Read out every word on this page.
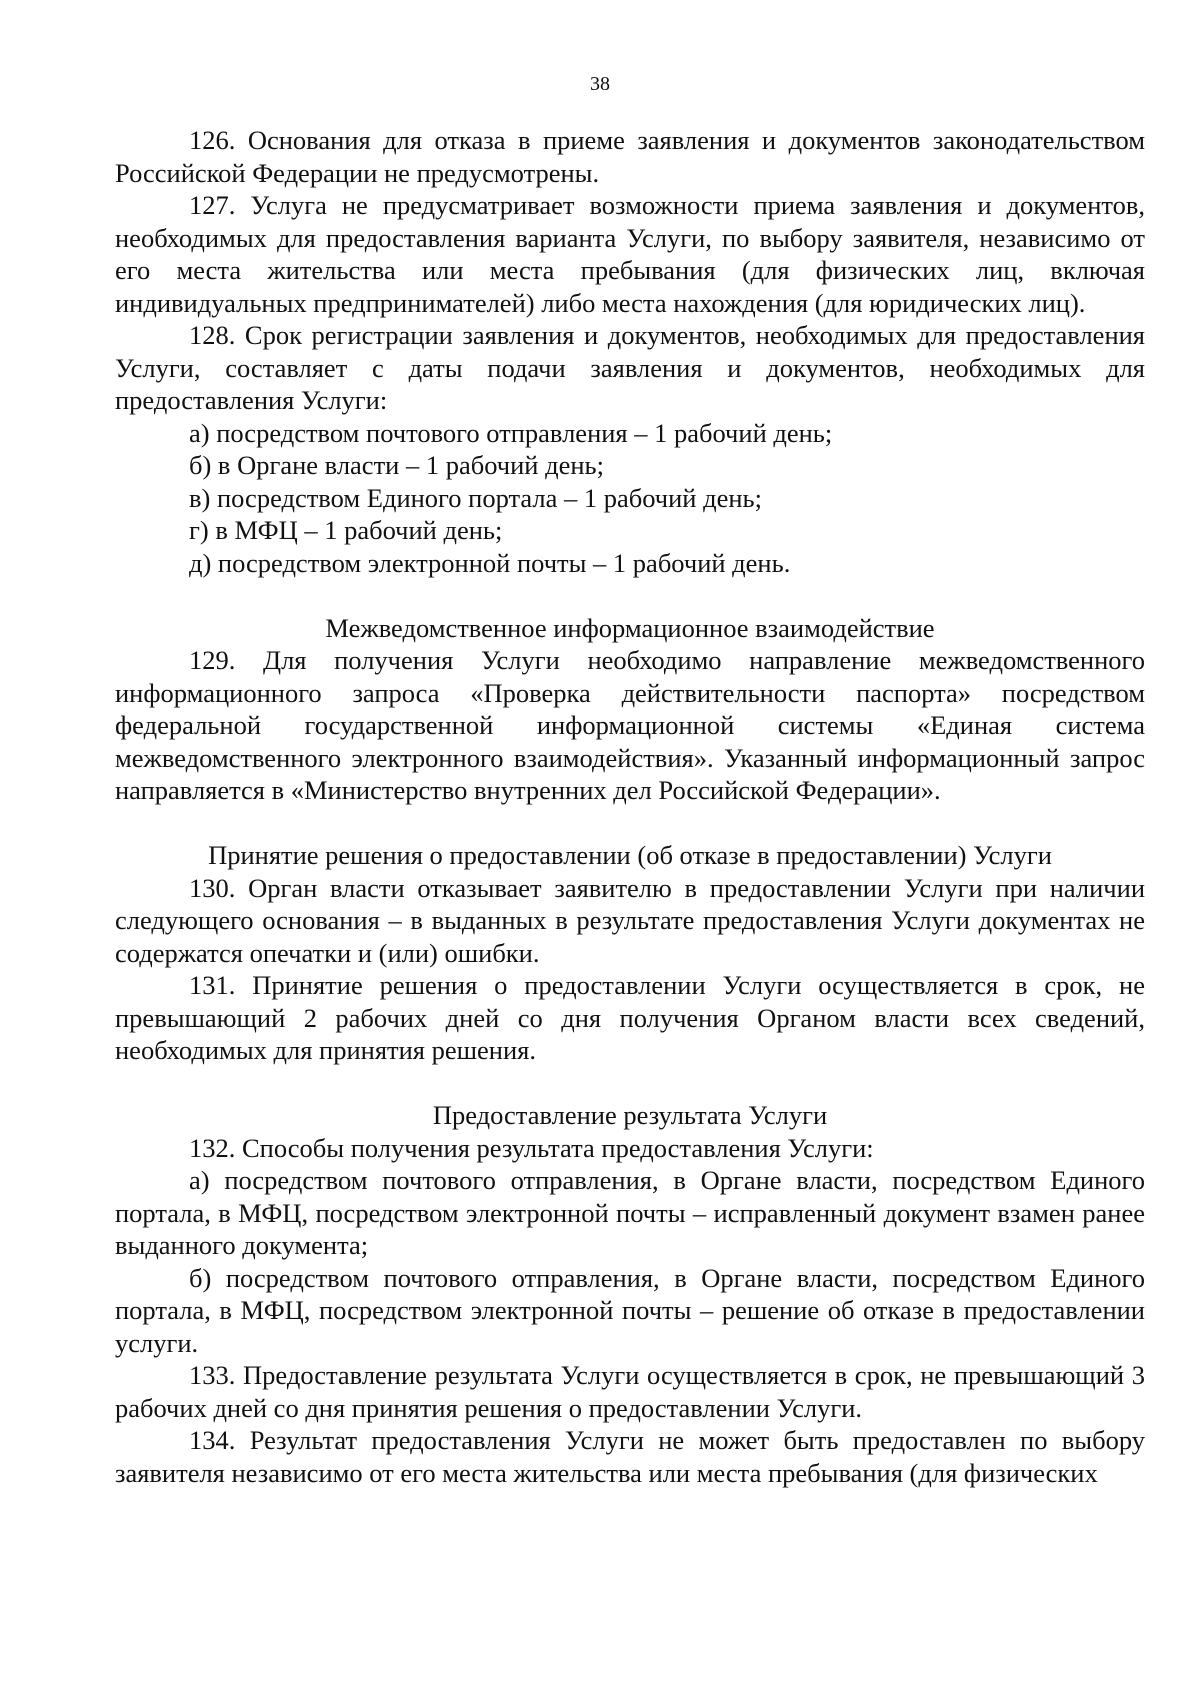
38

126. Основания для отказа в приеме заявления и документов законодательством Российской Федерации не предусмотрены.

127. Услуга не предусматривает возможности приема заявления и документов, необходимых для предоставления варианта Услуги, по выбору заявителя, независимо от его места жительства или места пребывания (для физических лиц, включая индивидуальных предпринимателей) либо места нахождения (для юридических лиц).

128. Срок регистрации заявления и документов, необходимых для предоставления Услуги, составляет с даты подачи заявления и документов, необходимых для предоставления Услуги:

а) посредством почтового отправления – 1 рабочий день;

б) в Органе власти – 1 рабочий день;

в) посредством Единого портала – 1 рабочий день;

г) в МФЦ – 1 рабочий день;

д) посредством электронной почты – 1 рабочий день.

Межведомственное информационное взаимодействие

129. Для получения Услуги необходимо направление межведомственного информационного запроса «Проверка действительности паспорта» посредством федеральной государственной информационной системы «Единая система межведомственного электронного взаимодействия». Указанный информационный запрос направляется в «Министерство внутренних дел Российской Федерации».

Принятие решения о предоставлении (об отказе в предоставлении) Услуги

130. Орган власти отказывает заявителю в предоставлении Услуги при наличии следующего основания – в выданных в результате предоставления Услуги документах не содержатся опечатки и (или) ошибки.

131. Принятие решения о предоставлении Услуги осуществляется в срок, не превышающий 2 рабочих дней со дня получения Органом власти всех сведений, необходимых для принятия решения.

Предоставление результата Услуги

132. Способы получения результата предоставления Услуги:

а) посредством почтового отправления, в Органе власти, посредством Единого портала, в МФЦ, посредством электронной почты – исправленный документ взамен ранее выданного документа;

б) посредством почтового отправления, в Органе власти, посредством Единого портала, в МФЦ, посредством электронной почты – решение об отказе в предоставлении услуги.

133. Предоставление результата Услуги осуществляется в срок, не превышающий 3 рабочих дней со дня принятия решения о предоставлении Услуги.

134. Результат предоставления Услуги не может быть предоставлен по выбору заявителя независимо от его места жительства или места пребывания (для физических
